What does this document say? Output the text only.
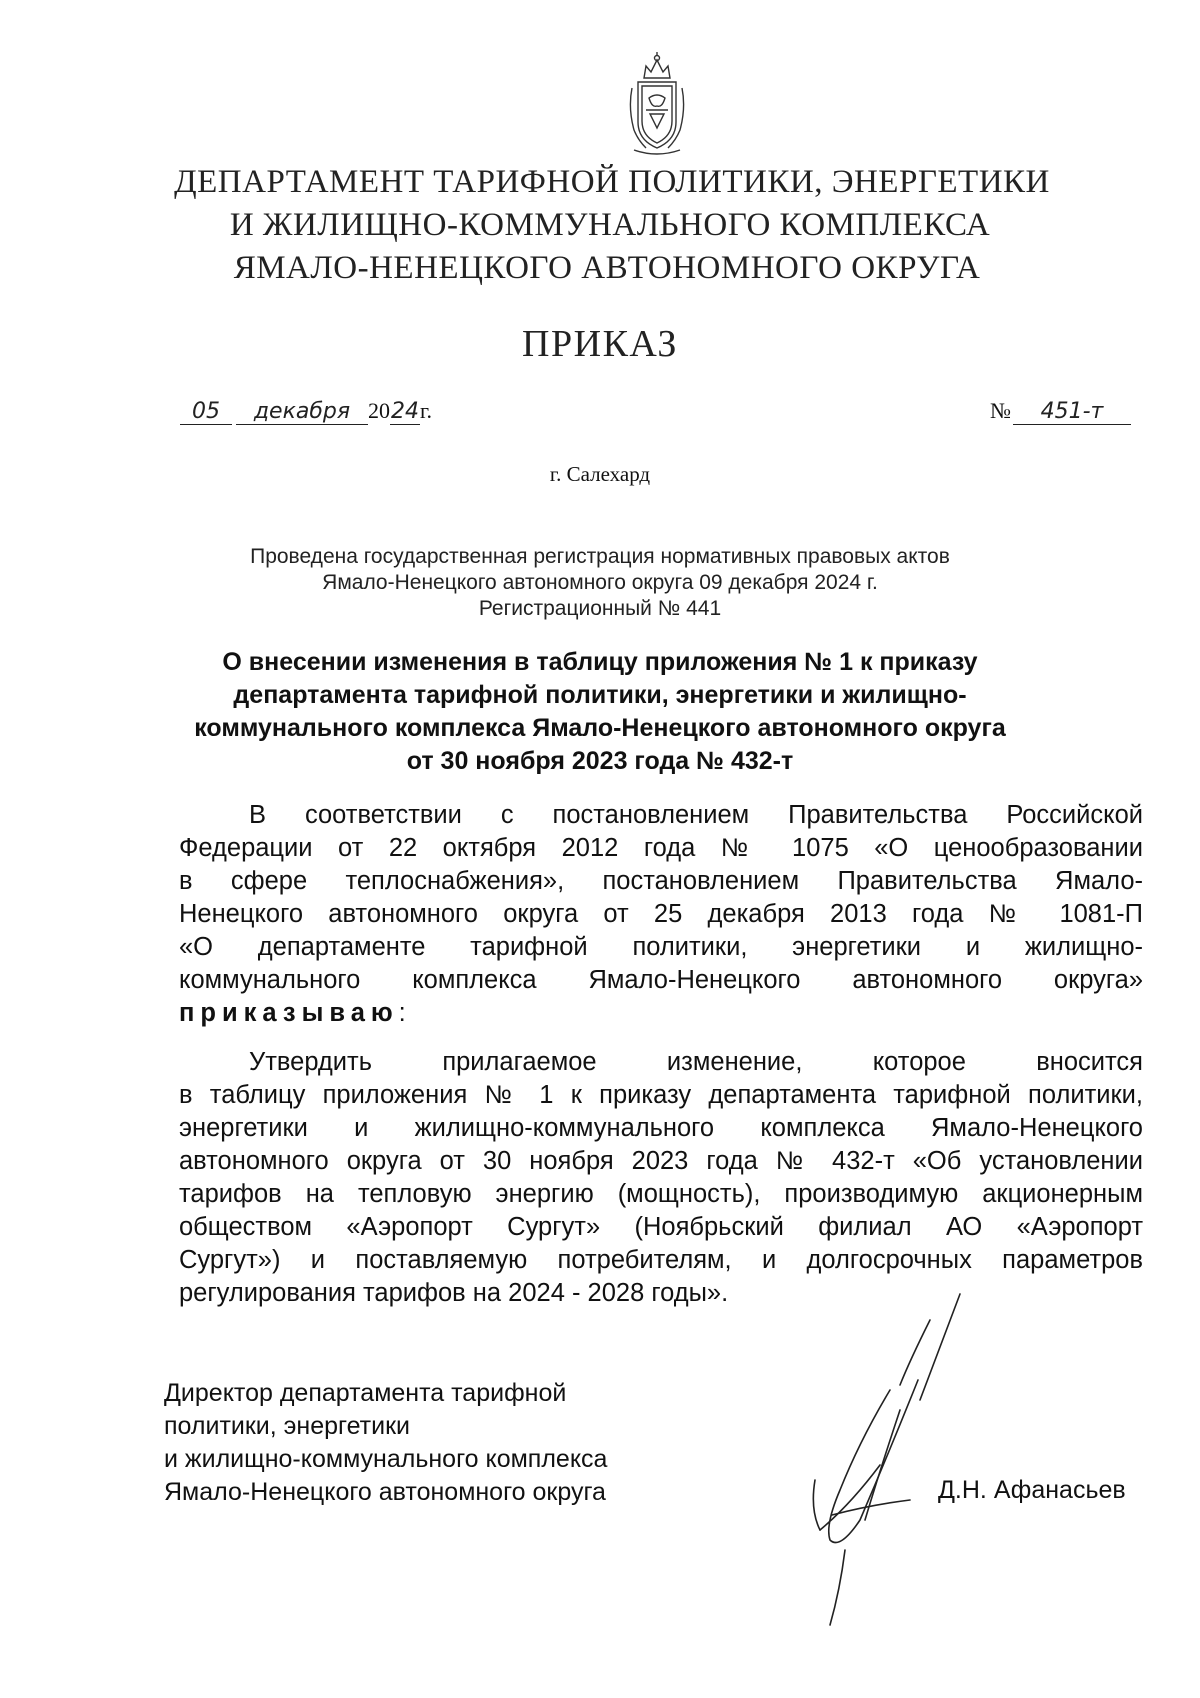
ДЕПАРТАМЕНТ ТАРИФНОЙ ПОЛИТИКИ, ЭНЕРГЕТИКИ
И ЖИЛИЩНО-КОММУНАЛЬНОГО КОМПЛЕКСА
ЯМАЛО-НЕНЕЦКОГО АВТОНОМНОГО ОКРУГА
ПРИКАЗ
05 декабря 2024г.	№ 451-т
г. Салехард
Проведена государственная регистрация нормативных правовых актов
Ямало-Ненецкого автономного округа 09 декабря 2024 г.
Регистрационный № 441
О внесении изменения в таблицу приложения № 1 к приказу
департамента тарифной политики, энергетики и жилищно-
коммунального комплекса Ямало-Ненецкого автономного округа
от 30 ноября 2023 года № 432-т
В соответствии с постановлением Правительства Российской
Федерации от 22 октября 2012 года № 1075 «О ценообразовании
в сфере теплоснабжения», постановлением Правительства Ямало-
Ненецкого автономного округа от 25 декабря 2013 года № 1081-П
«О департаменте тарифной политики, энергетики и жилищно-
коммунального комплекса Ямало-Ненецкого автономного округа»
приказываю:
Утвердить прилагаемое изменение, которое вносится
в таблицу приложения № 1 к приказу департамента тарифной политики,
энергетики и жилищно-коммунального комплекса Ямало-Ненецкого
автономного округа от 30 ноября 2023 года № 432-т «Об установлении
тарифов на тепловую энергию (мощность), производимую акционерным
обществом «Аэропорт Сургут» (Ноябрьский филиал АО «Аэропорт
Сургут») и поставляемую потребителям, и долгосрочных параметров
регулирования тарифов на 2024 - 2028 годы».
Директор департамента тарифной
политики, энергетики
и жилищно-коммунального комплекса
Ямало-Ненецкого автономного округа	Д.Н. Афанасьев
